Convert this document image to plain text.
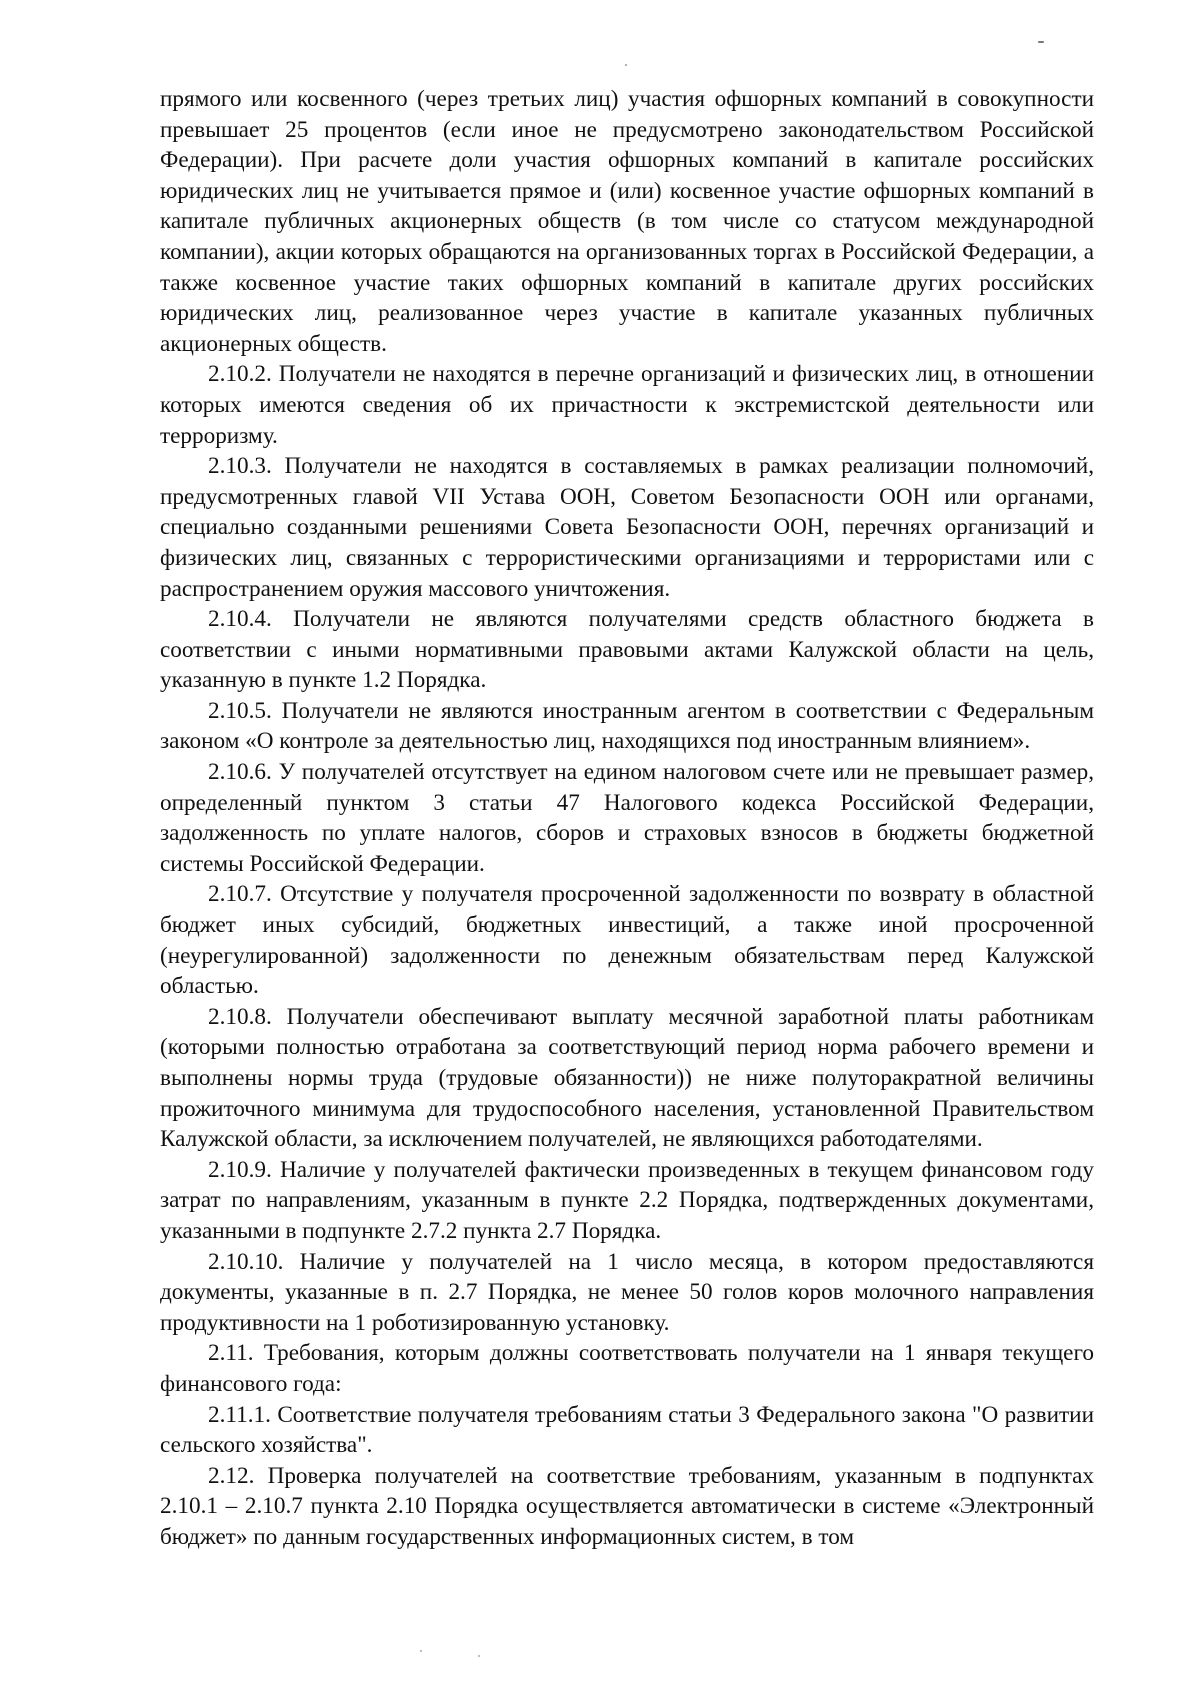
прямого или косвенного (через третьих лиц) участия офшорных компаний в совокупности превышает 25 процентов (если иное не предусмотрено законодательством Российской Федерации). При расчете доли участия офшорных компаний в капитале российских юридических лиц не учитывается прямое и (или) косвенное участие офшорных компаний в капитале публичных акционерных обществ (в том числе со статусом международной компании), акции которых обращаются на организованных торгах в Российской Федерации, а также косвенное участие таких офшорных компаний в капитале других российских юридических лиц, реализованное через участие в капитале указанных публичных акционерных обществ.

2.10.2. Получатели не находятся в перечне организаций и физических лиц, в отношении которых имеются сведения об их причастности к экстремистской деятельности или терроризму.

2.10.3. Получатели не находятся в составляемых в рамках реализации полномочий, предусмотренных главой VII Устава ООН, Советом Безопасности ООН или органами, специально созданными решениями Совета Безопасности ООН, перечнях организаций и физических лиц, связанных с террористическими организациями и террористами или с распространением оружия массового уничтожения.

2.10.4. Получатели не являются получателями средств областного бюджета в соответствии с иными нормативными правовыми актами Калужской области на цель, указанную в пункте 1.2 Порядка.

2.10.5. Получатели не являются иностранным агентом в соответствии с Федеральным законом «О контроле за деятельностью лиц, находящихся под иностранным влиянием».

2.10.6. У получателей отсутствует на едином налоговом счете или не превышает размер, определенный пунктом 3 статьи 47 Налогового кодекса Российской Федерации, задолженность по уплате налогов, сборов и страховых взносов в бюджеты бюджетной системы Российской Федерации.

2.10.7. Отсутствие у получателя просроченной задолженности по возврату в областной бюджет иных субсидий, бюджетных инвестиций, а также иной просроченной (неурегулированной) задолженности по денежным обязательствам перед Калужской областью.

2.10.8. Получатели обеспечивают выплату месячной заработной платы работникам (которыми полностью отработана за соответствующий период норма рабочего времени и выполнены нормы труда (трудовые обязанности)) не ниже полуторакратной величины прожиточного минимума для трудоспособного населения, установленной Правительством Калужской области, за исключением получателей, не являющихся работодателями.

2.10.9. Наличие у получателей фактически произведенных в текущем финансовом году затрат по направлениям, указанным в пункте 2.2 Порядка, подтвержденных документами, указанными в подпункте 2.7.2 пункта 2.7 Порядка.

2.10.10. Наличие у получателей на 1 число месяца, в котором предоставляются документы, указанные в п. 2.7 Порядка, не менее 50 голов коров молочного направления продуктивности на 1 роботизированную установку.

2.11. Требования, которым должны соответствовать получатели на 1 января текущего финансового года:

2.11.1. Соответствие получателя требованиям статьи 3 Федерального закона "О развитии сельского хозяйства".

2.12. Проверка получателей на соответствие требованиям, указанным в подпунктах 2.10.1 – 2.10.7 пункта 2.10 Порядка осуществляется автоматически в системе «Электронный бюджет» по данным государственных информационных систем, в том
